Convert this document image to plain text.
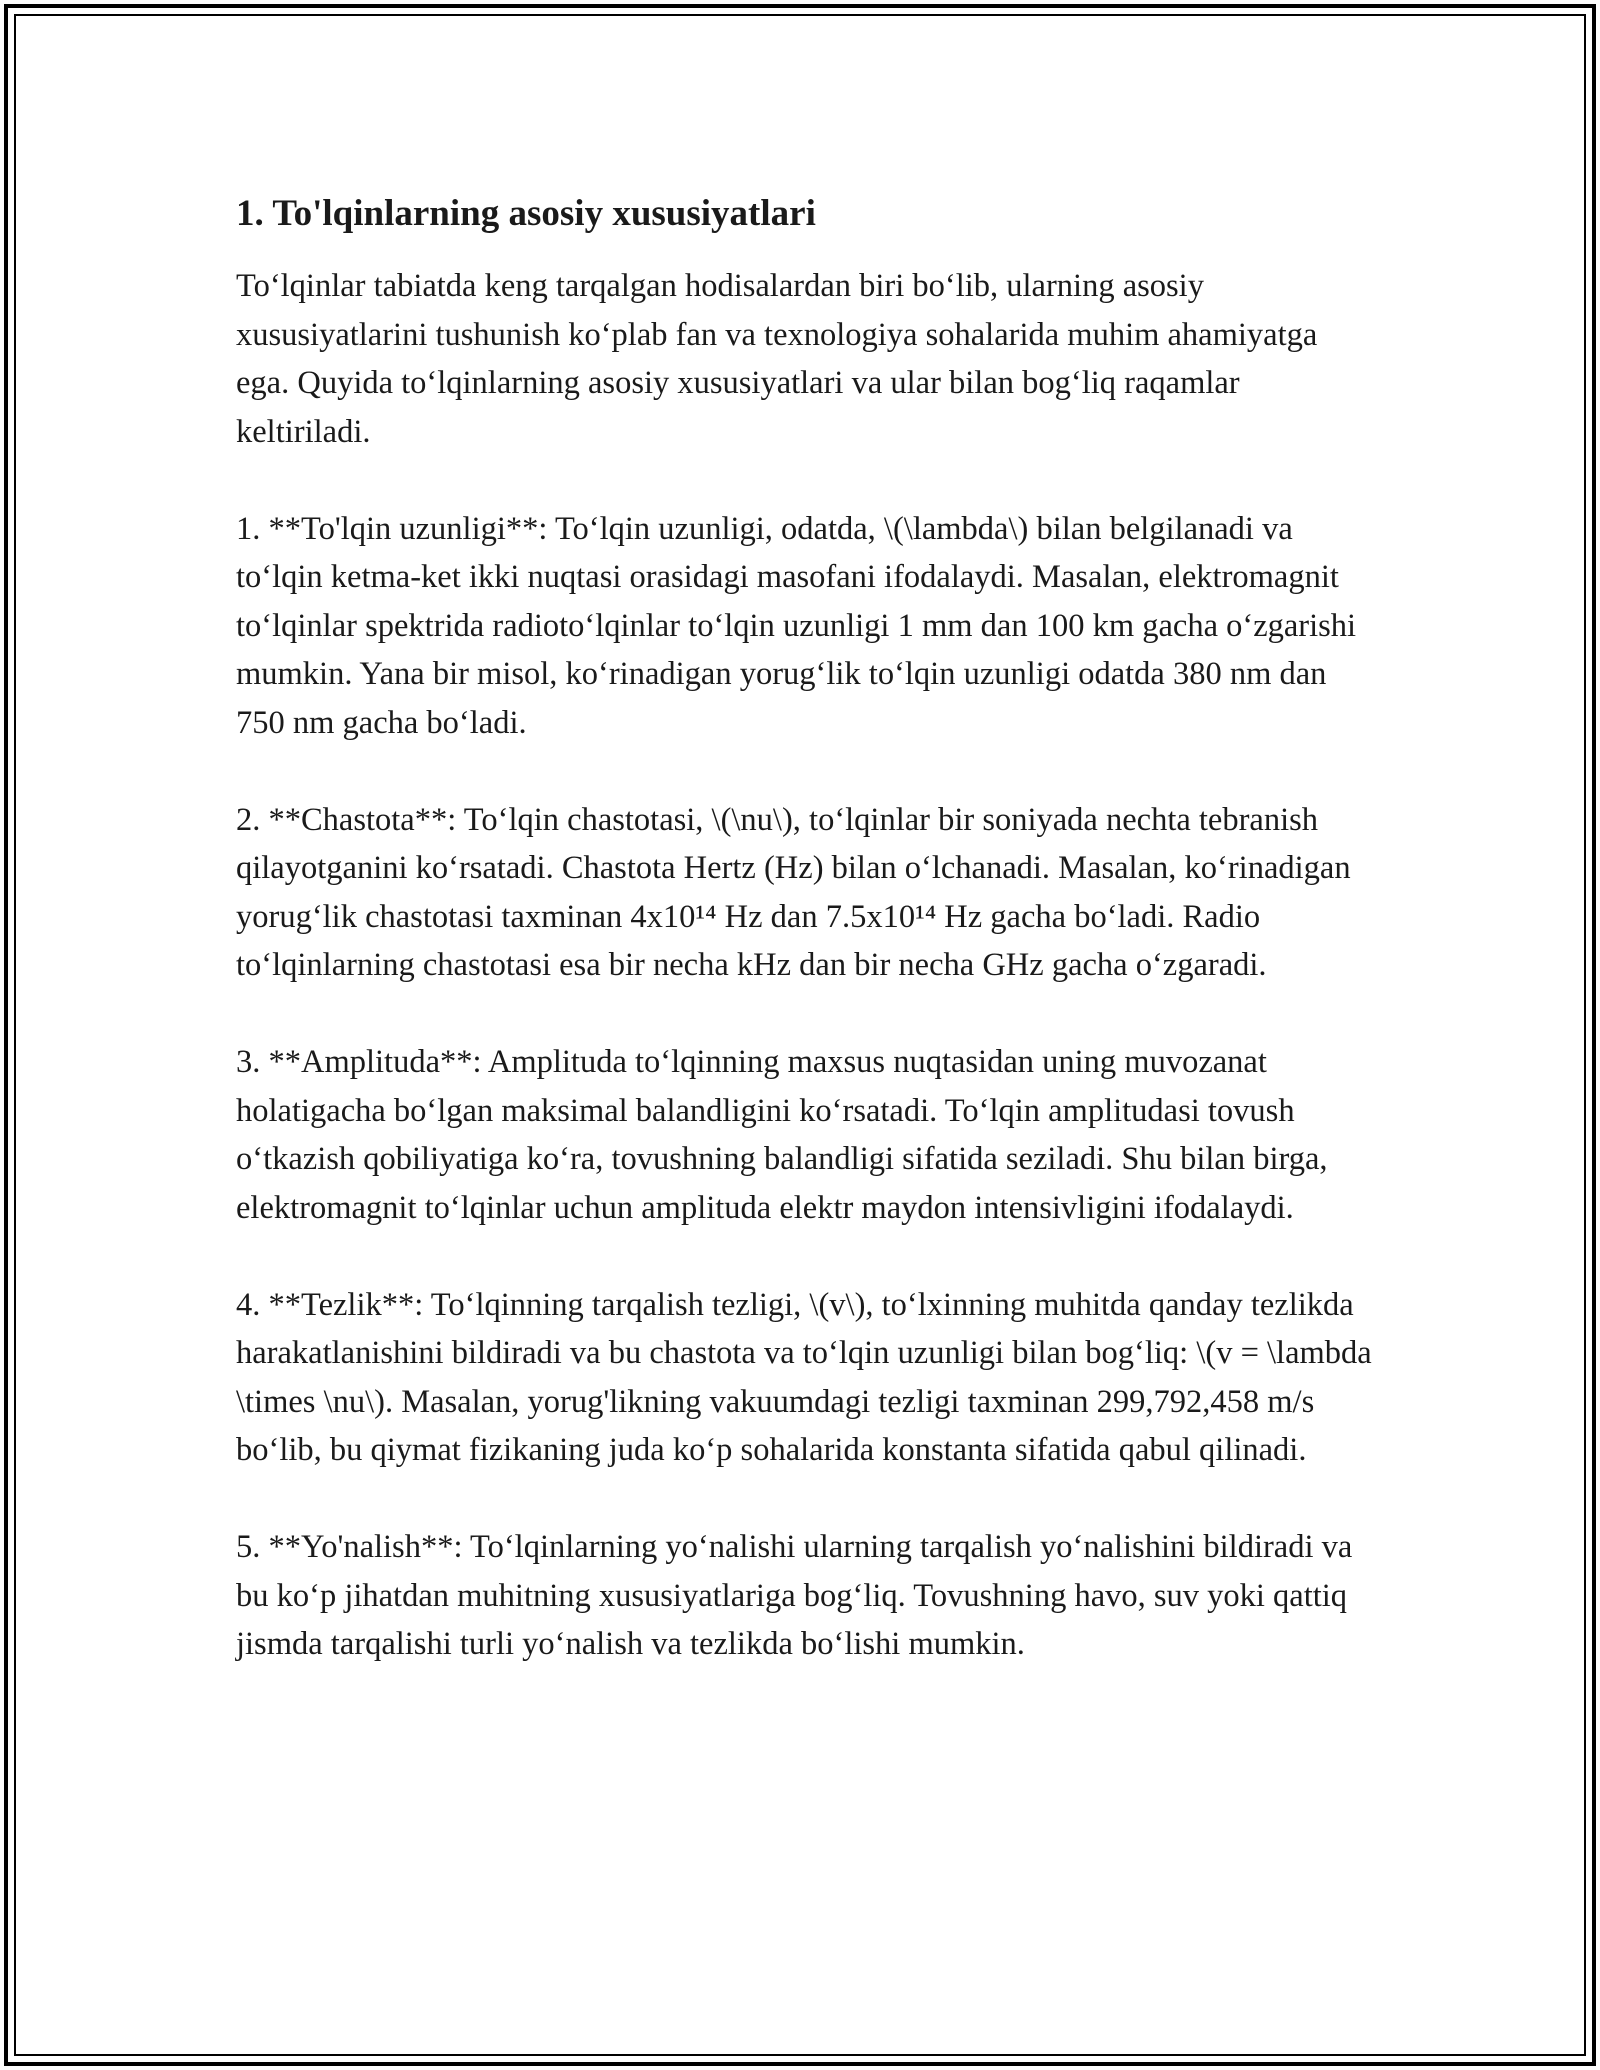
1. To'lqinlarning asosiy xususiyatlari

To‘lqinlar tabiatda keng tarqalgan hodisalardan biri bo‘lib, ularning asosiy xususiyatlarini tushunish ko‘plab fan va texnologiya sohalarida muhim ahamiyatga ega. Quyida to‘lqinlarning asosiy xususiyatlari va ular bilan bog‘liq raqamlar keltiriladi.

1. **To'lqin uzunligi**: To‘lqin uzunligi, odatda, \(\lambda\) bilan belgilanadi va to‘lqin ketma-ket ikki nuqtasi orasidagi masofani ifodalaydi. Masalan, elektromagnit to‘lqinlar spektrida radioto‘lqinlar to‘lqin uzunligi 1 mm dan 100 km gacha o‘zgarishi mumkin. Yana bir misol, ko‘rinadigan yorug‘lik to‘lqin uzunligi odatda 380 nm dan 750 nm gacha bo‘ladi.

2. **Chastota**: To‘lqin chastotasi, \(\nu\), to‘lqinlar bir soniyada nechta tebranish qilayotganini ko‘rsatadi. Chastota Hertz (Hz) bilan o‘lchanadi. Masalan, ko‘rinadigan yorug‘lik chastotasi taxminan 4x10¹⁴ Hz dan 7.5x10¹⁴ Hz gacha bo‘ladi. Radio to‘lqinlarning chastotasi esa bir necha kHz dan bir necha GHz gacha o‘zgaradi.

3. **Amplituda**: Amplituda to‘lqinning maxsus nuqtasidan uning muvozanat holatigacha bo‘lgan maksimal balandligini ko‘rsatadi. To‘lqin amplitudasi tovush o‘tkazish qobiliyatiga ko‘ra, tovushning balandligi sifatida seziladi. Shu bilan birga, elektromagnit to‘lqinlar uchun amplituda elektr maydon intensivligini ifodalaydi.

4. **Tezlik**: To‘lqinning tarqalish tezligi, \(v\), to‘lxinning muhitda qanday tezlikda harakatlanishini bildiradi va bu chastota va to‘lqin uzunligi bilan bog‘liq: \(v = \lambda \times \nu\). Masalan, yorug'likning vakuumdagi tezligi taxminan 299,792,458 m/s bo‘lib, bu qiymat fizikaning juda ko‘p sohalarida konstanta sifatida qabul qilinadi.

5. **Yo'nalish**: To‘lqinlarning yo‘nalishi ularning tarqalish yo‘nalishini bildiradi va bu ko‘p jihatdan muhitning xususiyatlariga bog‘liq. Tovushning havo, suv yoki qattiq jismda tarqalishi turli yo‘nalish va tezlikda bo‘lishi mumkin.
